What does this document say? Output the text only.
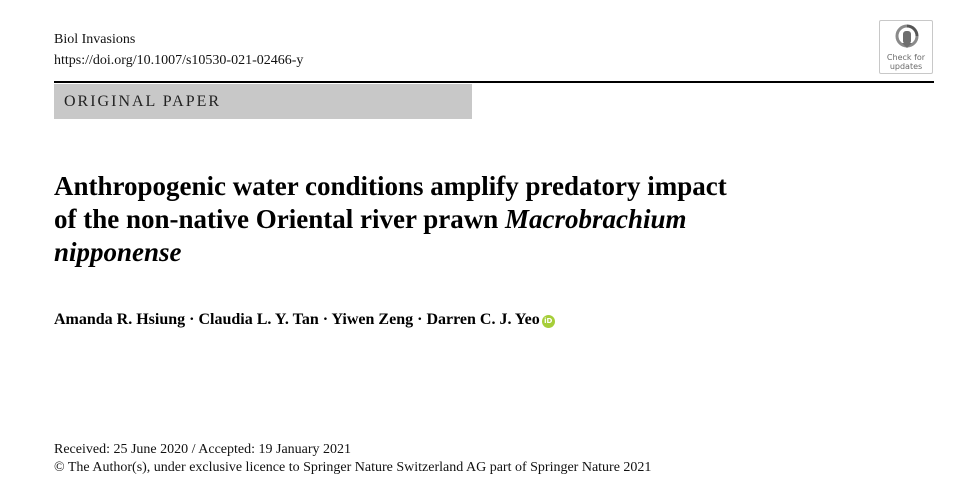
Biol Invasions
https://doi.org/10.1007/s10530-021-02466-y
ORIGINAL PAPER
Check for
updates
Anthropogenic water conditions amplify predatory impact
of the non-native Oriental river prawn Macrobrachium
nipponense
Amanda R. Hsiung · Claudia L. Y. Tan · Yiwen Zeng · Darren C. J. Yeo iD
Received: 25 June 2020 / Accepted: 19 January 2021
© The Author(s), under exclusive licence to Springer Nature Switzerland AG part of Springer Nature 2021
